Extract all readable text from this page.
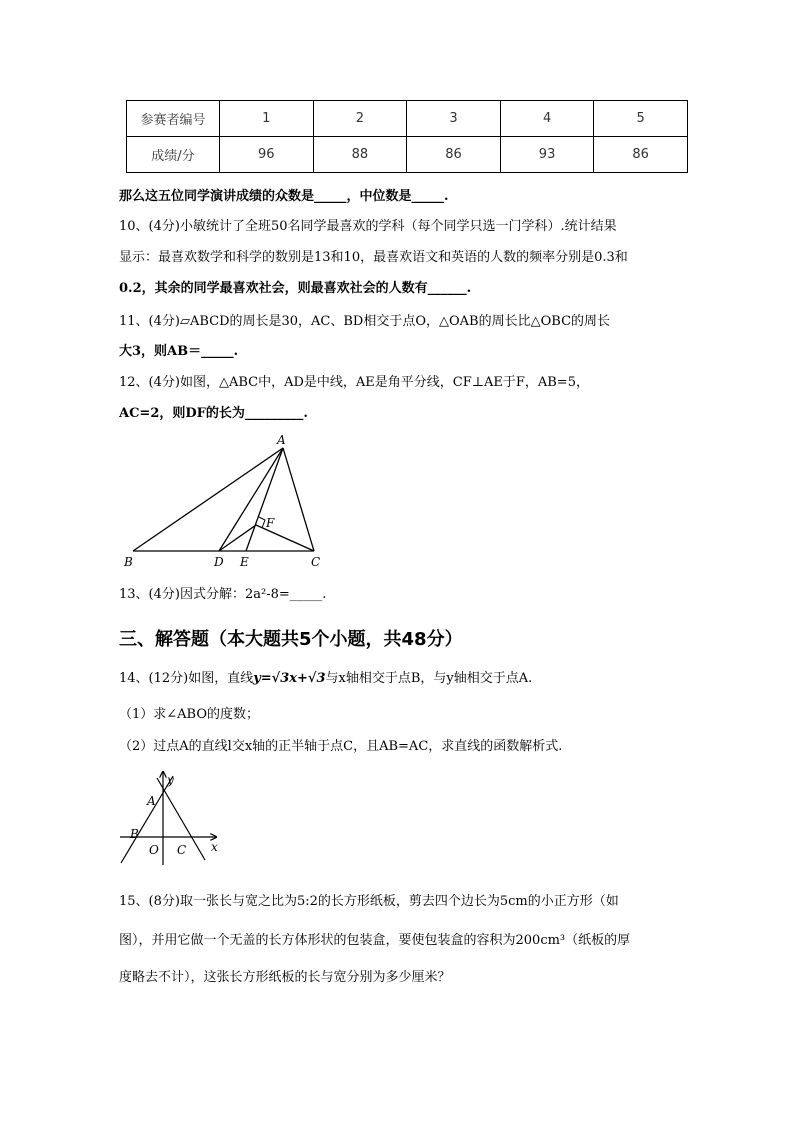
参赛者编号	1	2	3	4	5
成绩/分	96	88	86	93	86
那么这五位同学演讲成绩的众数是_____，中位数是_____.
10、(4分)小敏统计了全班50名同学最喜欢的学科（每个同学只选一门学科）.统计结果
显示：最喜欢数学和科学的数别是13和10，最喜欢语文和英语的人数的频率分别是0.3和
0.2，其余的同学最喜欢社会，则最喜欢社会的人数有______.
11、(4分)▱ABCD的周长是30，AC、BD相交于点O，△OAB的周长比△OBC的周长
大3，则AB＝_____.
12、(4分)如图，△ABC中，AD是中线，AE是角平分线，CF⊥AE于F，AB=5，
AC=2，则DF的长为_________.
A
B	C
D E
F
13、(4分)因式分解：2a²-8=_____.
三、解答题（本大题共5个小题，共48分）
14、(12分)如图，直线y=√3x+√3与x轴相交于点B，与y轴相交于点A.
（1）求∠ABO的度数；
（2）过点A的直线l交x轴的正半轴于点C，且AB=AC，求直线的函数解析式.
y
A
B
O C x
15、(8分)取一张长与宽之比为5:2的长方形纸板，剪去四个边长为5cm的小正方形（如
图），并用它做一个无盖的长方体形状的包装盒，要使包装盒的容积为200cm³（纸板的厚
度略去不计），这张长方形纸板的长与宽分别为多少厘米？
